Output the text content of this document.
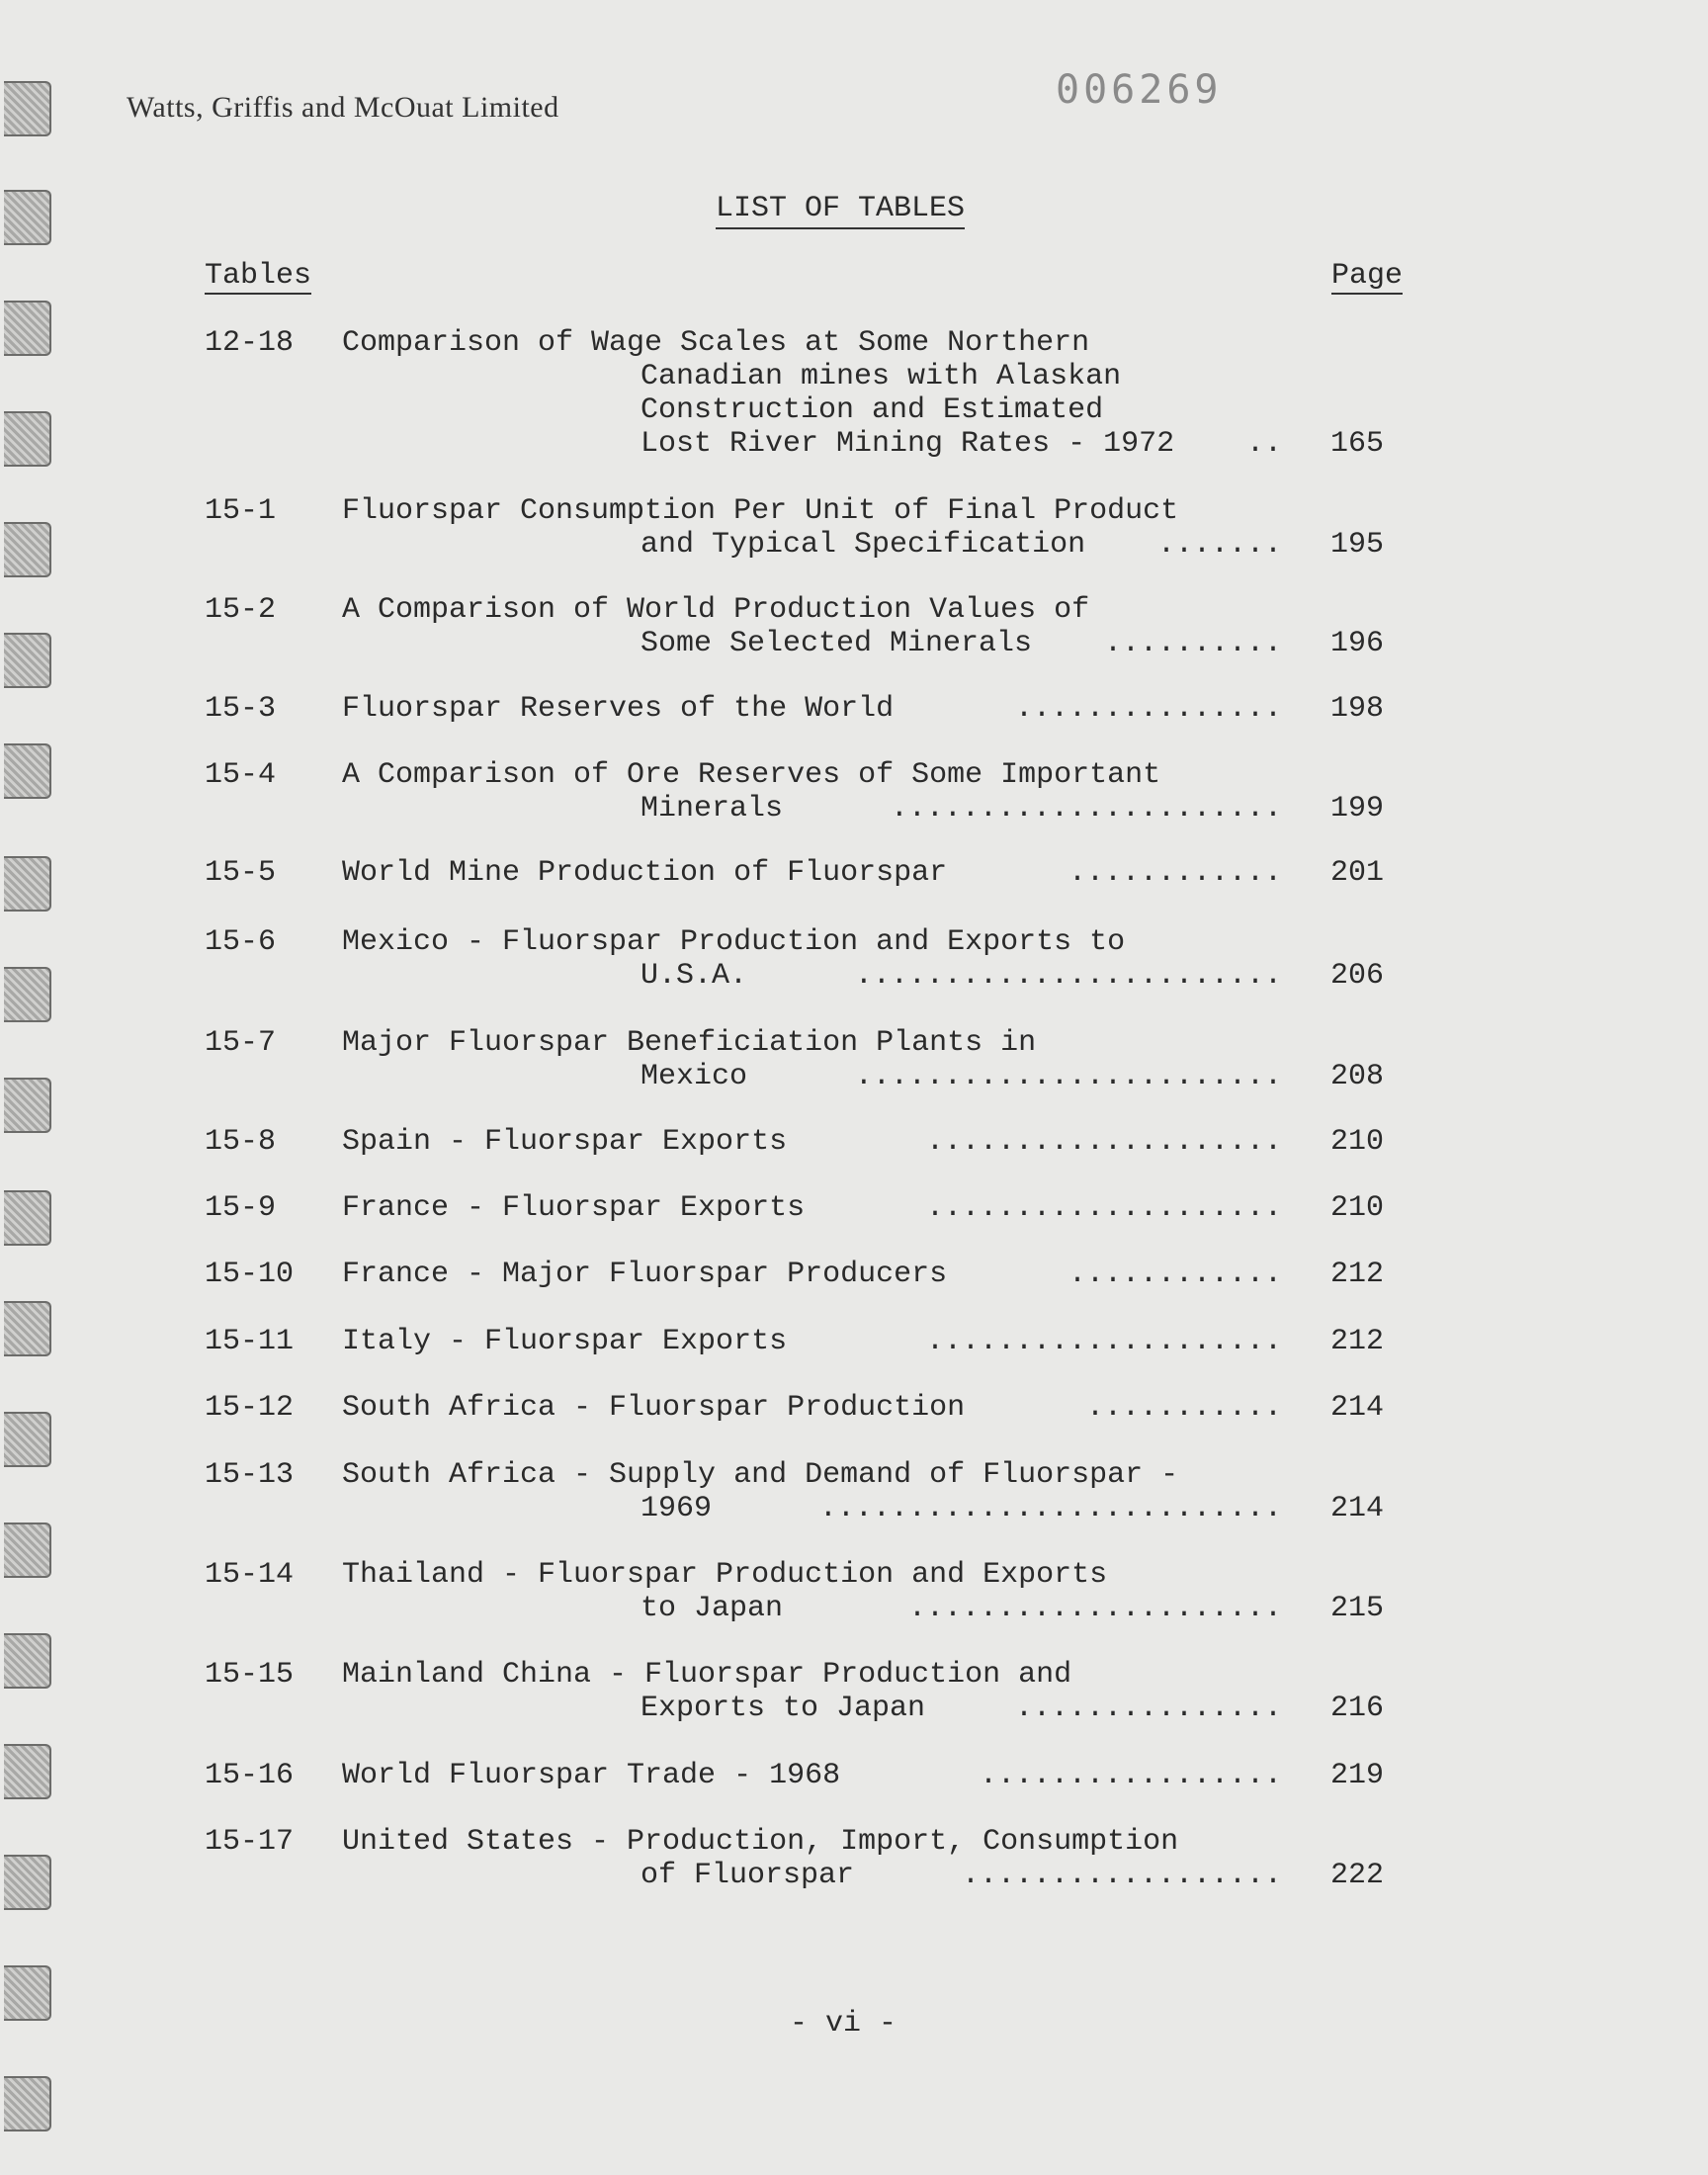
Watts, Griffis and McOuat Limited	006269
LIST OF TABLES
Tables	Page
12-18 Comparison of Wage Scales at Some Northern
Canadian mines with Alaskan
Construction and Estimated
Lost River Mining Rates - 1972 .. 165
15-1 Fluorspar Consumption Per Unit of Final Product
and Typical Specification ....... 195
15-2 A Comparison of World Production Values of
Some Selected Minerals .......... 196
15-3 Fluorspar Reserves of the World	............... 198
15-4 A Comparison of Ore Reserves of Some Important
Minerals	...................... 199
15-5 World Mine Production of Fluorspar	............ 201
15-6 Mexico - Fluorspar Production and Exports to
U.S.A.	........................ 206
15-7 Major Fluorspar Beneficiation Plants in
Mexico	........................ 208
15-8 Spain - Fluorspar Exports	.................... 210
15-9 France - Fluorspar Exports	.................... 210
15-10 France - Major Fluorspar Producers	............ 212
15-11 Italy - Fluorspar Exports	.................... 212
15-12 South Africa - Fluorspar Production	........... 214
15-13 South Africa - Supply and Demand of Fluorspar -
1969	.......................... 214
15-14 Thailand - Fluorspar Production and Exports
to Japan	..................... 215
15-15 Mainland China - Fluorspar Production and
Exports to Japan	............... 216
15-16 World Fluorspar Trade - 1968	................. 219
15-17 United States - Production, Import, Consumption
of Fluorspar	.................. 222
- vi -
